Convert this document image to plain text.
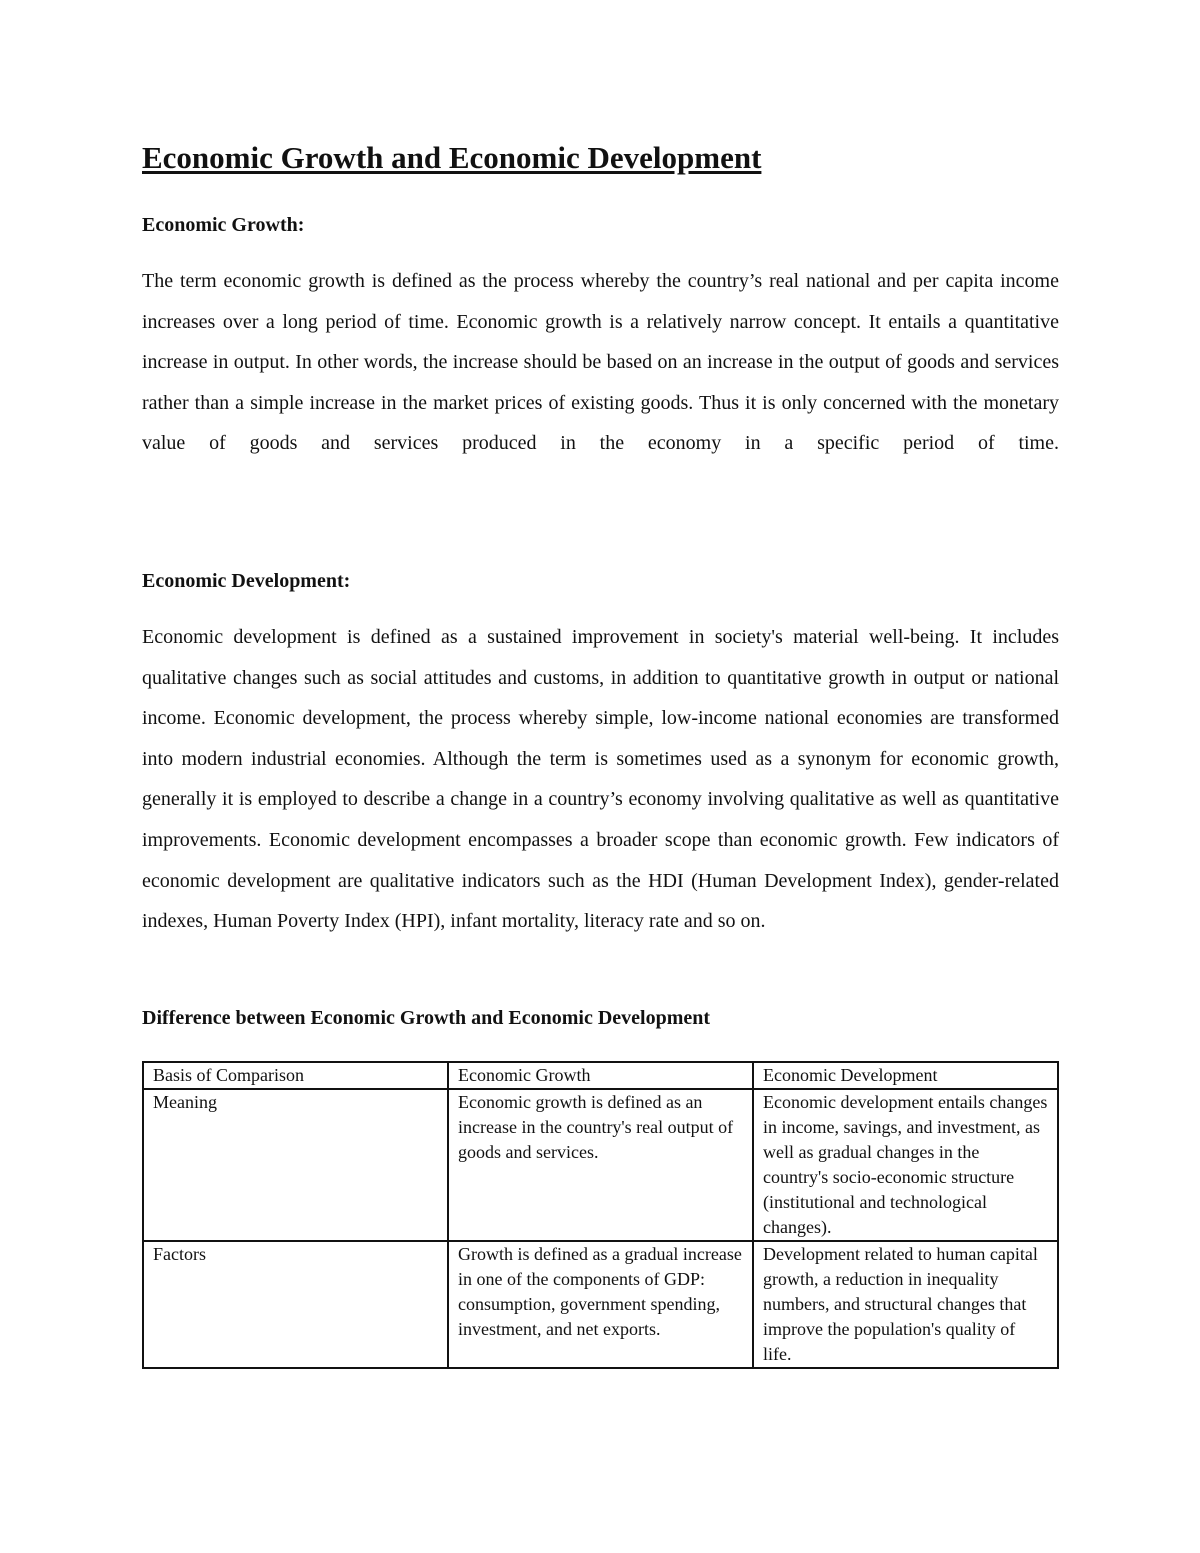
Economic Growth and Economic Development
Economic Growth:

The term economic growth is defined as the process whereby the country’s real national and per capita income increases over a long period of time. Economic growth is a relatively narrow concept. It entails a quantitative increase in output. In other words, the increase should be based on an increase in the output of goods and services rather than a simple increase in the market prices of existing goods. Thus it is only concerned with the monetary value of goods and services produced in the economy in a specific period of time.

Economic Development:

Economic development is defined as a sustained improvement in society's material well-being. It includes qualitative changes such as social attitudes and customs, in addition to quantitative growth in output or national income. Economic development, the process whereby simple, low-income national economies are transformed into modern industrial economies. Although the term is sometimes used as a synonym for economic growth, generally it is employed to describe a change in a country’s economy involving qualitative as well as quantitative improvements. Economic development encompasses a broader scope than economic growth. Few indicators of economic development are qualitative indicators such as the HDI (Human Development Index), gender-related indexes, Human Poverty Index (HPI), infant mortality, literacy rate and so on.

Difference between Economic Growth and Economic Development
Basis of Comparison	Economic Growth	Economic Development
Meaning	Economic growth is defined as an increase in the country's real output of goods and services.	Economic development entails changes in income, savings, and investment, as well as gradual changes in the country's socio-economic structure (institutional and technological changes).
Factors	Growth is defined as a gradual increase in one of the components of GDP: consumption, government spending, investment, and net exports.	Development related to human capital growth, a reduction in inequality numbers, and structural changes that improve the population's quality of life.
